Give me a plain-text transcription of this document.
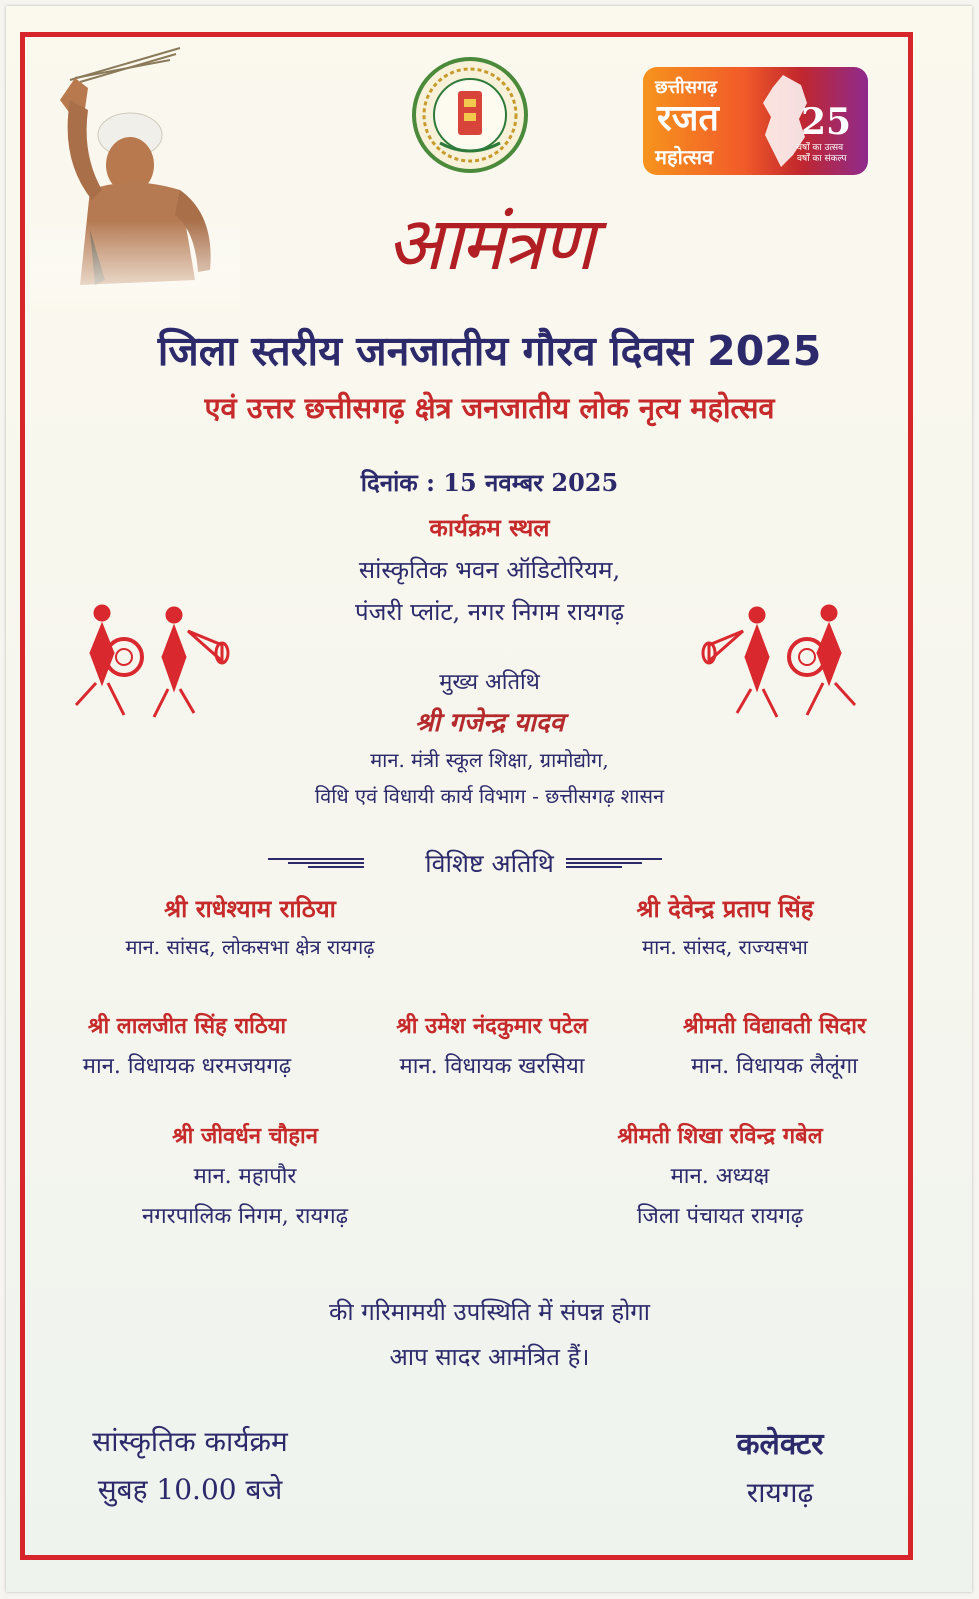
छत्तीसगढ़
रजत
महोत्सव
25
वर्षों का उत्सव
वर्षों का संकल्प
आमंत्रण
जिला स्तरीय जनजातीय गौरव दिवस 2025
एवं उत्तर छत्तीसगढ़ क्षेत्र जनजातीय लोक नृत्य महोत्सव
दिनांक : 15 नवम्बर 2025
कार्यक्रम स्थल
सांस्कृतिक भवन ऑडिटोरियम,
पंजरी प्लांट, नगर निगम रायगढ़
मुख्य अतिथि
श्री गजेन्द्र यादव
मान. मंत्री स्कूल शिक्षा, ग्रामोद्योग,
विधि एवं विधायी कार्य विभाग - छत्तीसगढ़ शासन
विशिष्ट अतिथि
श्री राधेश्याम राठिया
मान. सांसद, लोकसभा क्षेत्र रायगढ़
श्री देवेन्द्र प्रताप सिंह
मान. सांसद, राज्यसभा
श्री लालजीत सिंह राठिया
मान. विधायक धरमजयगढ़
श्री उमेश नंदकुमार पटेल
मान. विधायक खरसिया
श्रीमती विद्यावती सिदार
मान. विधायक लैलूंगा
श्री जीवर्धन चौहान
मान. महापौर
नगरपालिक निगम, रायगढ़
श्रीमती शिखा रविन्द्र गबेल
मान. अध्यक्ष
जिला पंचायत रायगढ़
की गरिमामयी उपस्थिति में संपन्न होगा
आप सादर आमंत्रित हैं।
सांस्कृतिक कार्यक्रम
सुबह 10.00 बजे
कलेक्टर
रायगढ़
